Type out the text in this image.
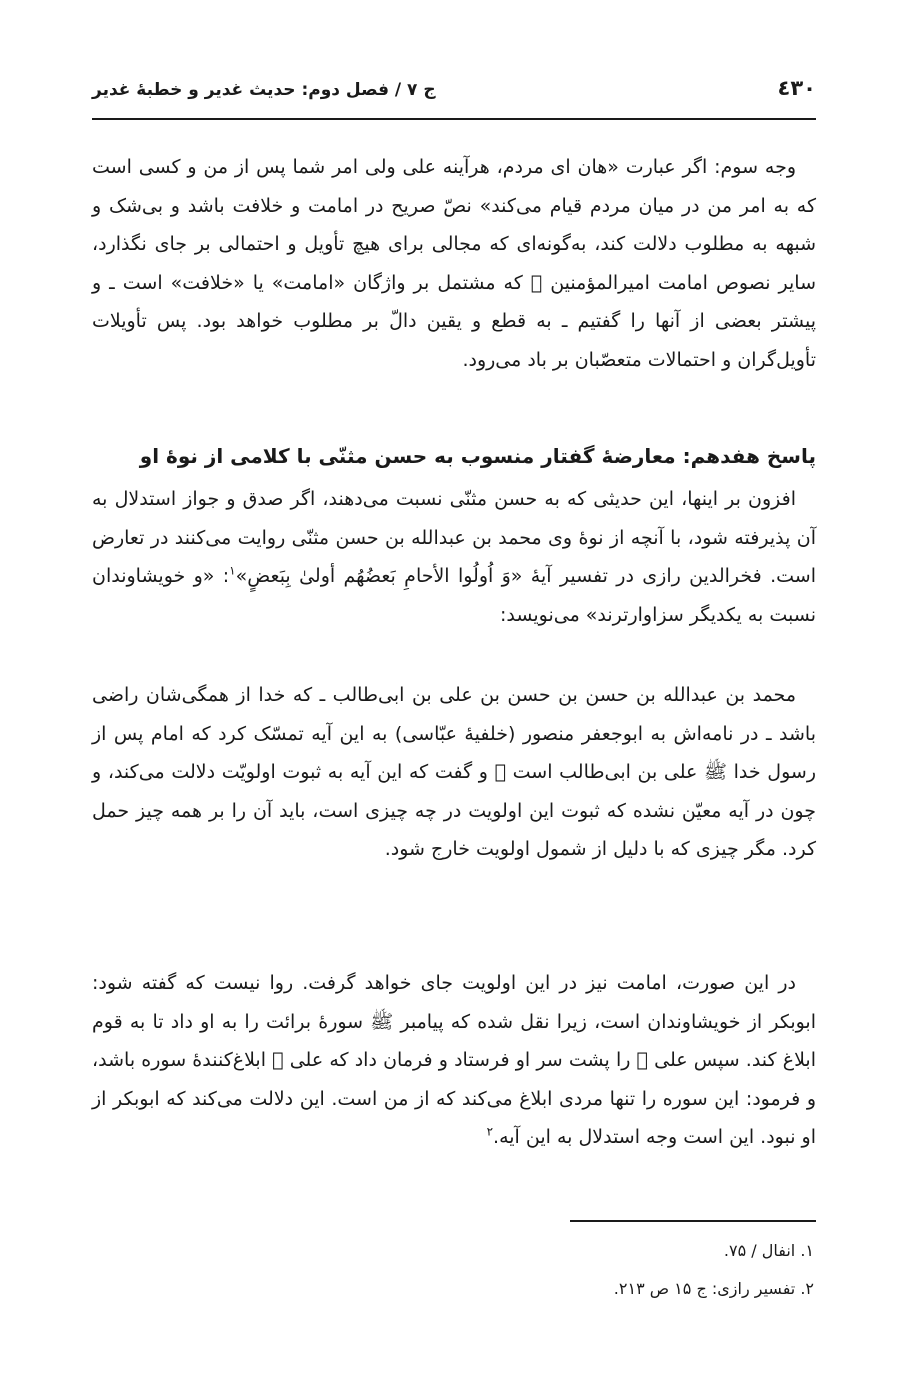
٤٣٠
ج ۷ / فصل دوم: حدیث غدیر و خطبهٔ غدیر
وجه سوم: اگر عبارت «هان ای مردم، هرآینه علی ولی امر شما پس از من و کسی است که به امر من در میان مردم قیام می‌کند» نصّ صریح در امامت و خلافت باشد و بی‌شک و شبهه به مطلوب دلالت کند، به‌گونه‌ای که مجالی برای هیچ تأویل و احتمالی بر جای نگذارد، سایر نصوص امامت امیرالمؤمنین ﷣ که مشتمل بر واژگان «امامت» یا «خلافت» است ـ و پیشتر بعضی از آنها را گفتیم ـ به قطع و یقین دالّ بر مطلوب خواهد بود. پس تأویلات تأویل‌گران و احتمالات متعصّبان بر باد می‌رود.
پاسخ هفدهم: معارضهٔ گفتار منسوب به حسن مثنّی با کلامی از نوهٔ او
افزون بر اینها، این حدیثی که به حسن مثنّی نسبت می‌دهند، اگر صدق و جواز استدلال به آن پذیرفته شود، با آنچه از نوهٔ وی محمد بن عبدالله بن حسن مثنّی روایت می‌کنند در تعارض است. فخرالدین رازی در تفسیر آیهٔ «وَ اُولُوا الأحامِ بَعضُهُم أولىٰ بِبَعضٍ»$^۱$: «و خویشاوندان نسبت به یکدیگر سزاوارترند» می‌نویسد:
محمد بن عبدالله بن حسن بن حسن بن علی بن ابی‌طالب ـ که خدا از همگی‌شان راضی باشد ـ در نامه‌اش به ابوجعفر منصور (خلفیهٔ عبّاسی) به این آیه تمسّک کرد که امام پس از رسول خدا ﷺ علی بن ابی‌طالب است ﷣ و گفت که این آیه به ثبوت اولویّت دلالت می‌کند، و چون در آیه معیّن نشده که ثبوت این اولویت در چه چیزی است، باید آن را بر همه چیز حمل کرد. مگر چیزی که با دلیل از شمول اولویت خارج شود.
در این صورت، امامت نیز در این اولویت جای خواهد گرفت. روا نیست که گفته شود: ابوبکر از خویشاوندان است، زیرا نقل شده که پیامبر ﷺ سورهٔ برائت را به او داد تا به قوم ابلاغ کند. سپس علی ﷣ را پشت سر او فرستاد و فرمان داد که علی ﷣ ابلاغ‌کنندهٔ سوره باشد، و فرمود: این سوره را تنها مردی ابلاغ می‌کند که از من است. این دلالت می‌کند که ابوبکر از او نبود. این است وجه استدلال به این آیه.$^۲$
۱. انفال / ۷۵.
۲. تفسیر رازی: ج ۱۵ ص ۲۱۳.
